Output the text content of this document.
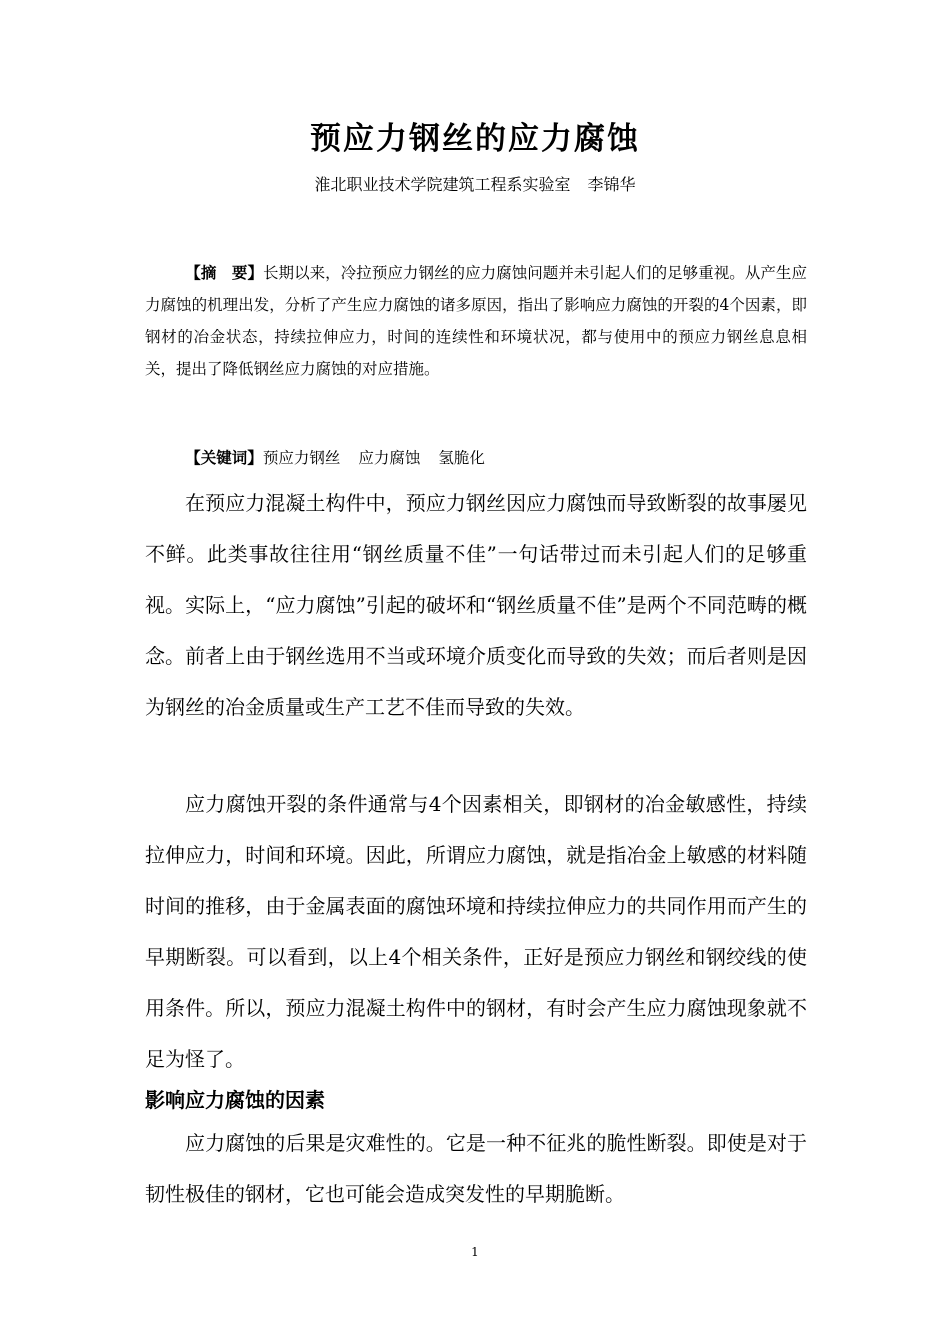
预应力钢丝的应力腐蚀

淮北职业技术学院建筑工程系实验室 李锦华

【摘　要】长期以来，冷拉预应力钢丝的应力腐蚀问题并未引起人们的足够重视。从产生应力腐蚀的机理出发，分析了产生应力腐蚀的诸多原因，指出了影响应力腐蚀的开裂的4个因素，即钢材的冶金状态，持续拉伸应力，时间的连续性和环境状况，都与使用中的预应力钢丝息息相关，提出了降低钢丝应力腐蚀的对应措施。

【关键词】预应力钢丝 应力腐蚀 氢脆化

在预应力混凝土构件中，预应力钢丝因应力腐蚀而导致断裂的故事屡见不鲜。此类事故往往用“钢丝质量不佳”一句话带过而未引起人们的足够重视。实际上，“应力腐蚀”引起的破坏和“钢丝质量不佳”是两个不同范畴的概念。前者上由于钢丝选用不当或环境介质变化而导致的失效；而后者则是因为钢丝的冶金质量或生产工艺不佳而导致的失效。

应力腐蚀开裂的条件通常与4个因素相关，即钢材的冶金敏感性，持续拉伸应力，时间和环境。因此，所谓应力腐蚀，就是指冶金上敏感的材料随时间的推移，由于金属表面的腐蚀环境和持续拉伸应力的共同作用而产生的早期断裂。可以看到，以上4个相关条件，正好是预应力钢丝和钢绞线的使用条件。所以，预应力混凝土构件中的钢材，有时会产生应力腐蚀现象就不足为怪了。

影响应力腐蚀的因素

应力腐蚀的后果是灾难性的。它是一种不征兆的脆性断裂。即使是对于韧性极佳的钢材，它也可能会造成突发性的早期脆断。

1
